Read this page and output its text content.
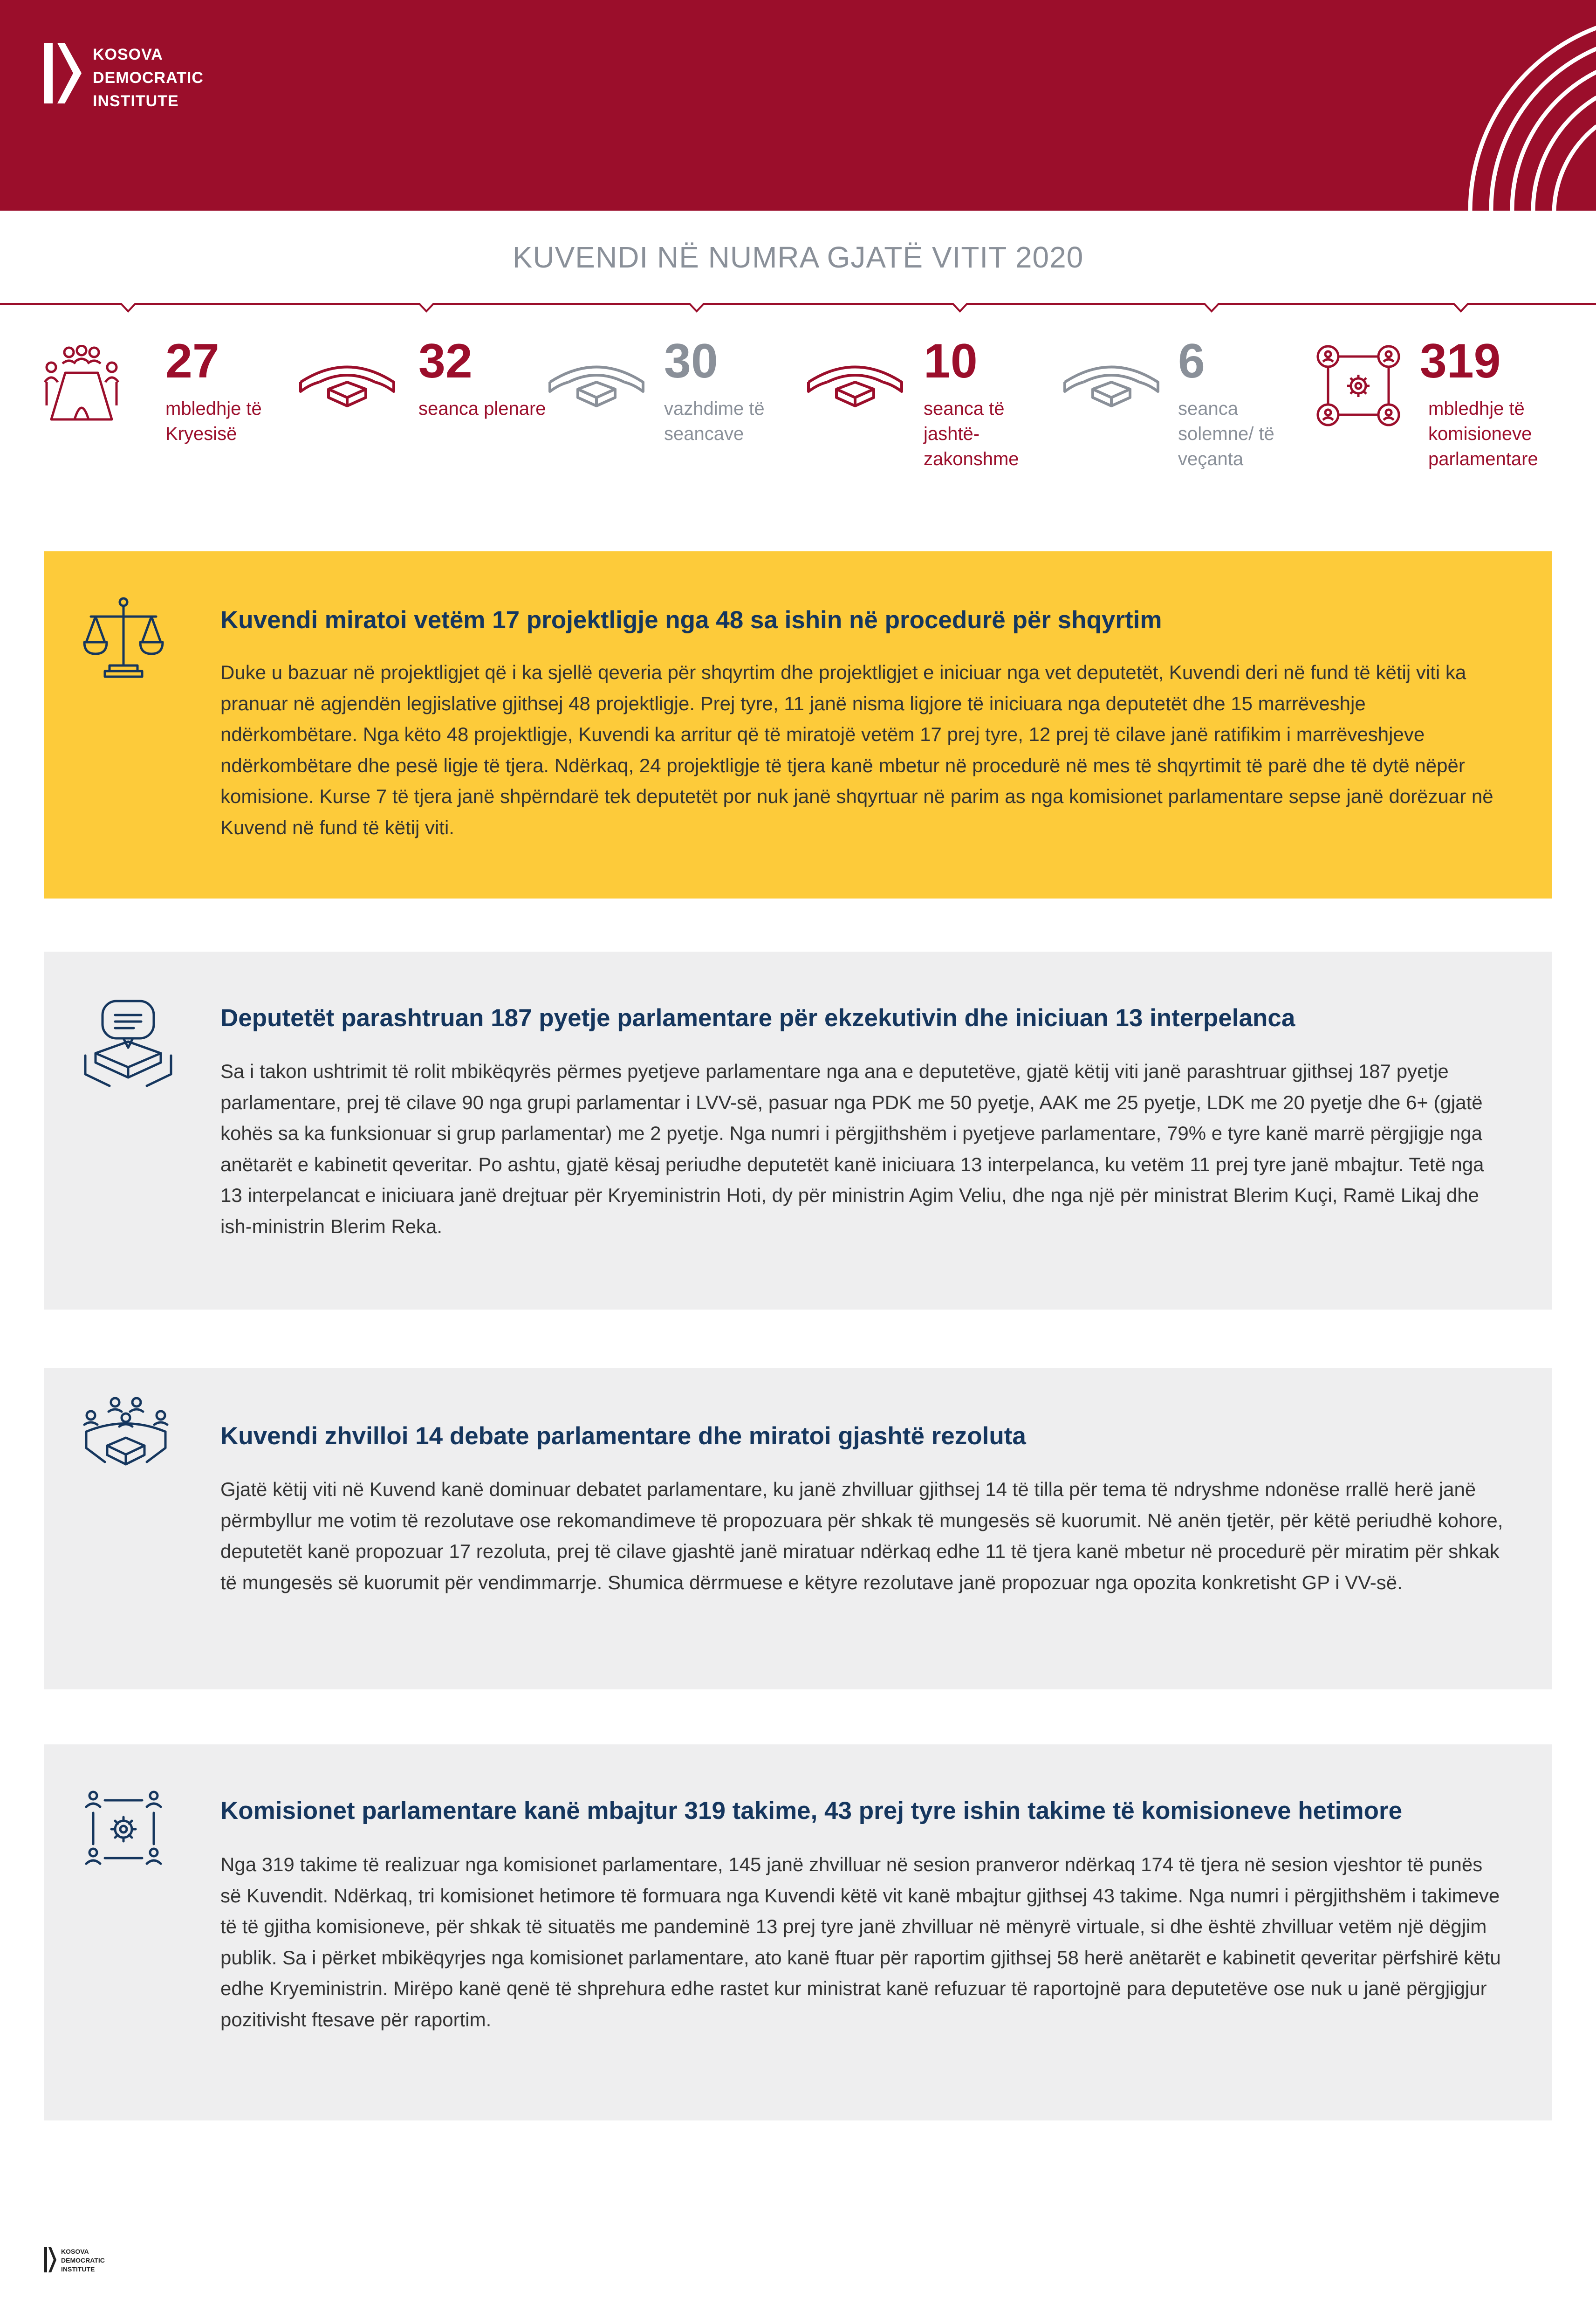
KOSOVA
DEMOCRATIC
INSTITUTE
KUVENDI NË NUMRA GJATË VITIT 2020
27
mbledhje të Kryesisë
32
seanca plenare
30
vazhdime të seancave
10
seanca të jashtë-zakonshme
6
seanca solemne/ të veçanta
319
mbledhje të komisioneve parlamentare
Kuvendi miratoi vetëm 17 projektligje nga 48 sa ishin në procedurë për shqyrtim

Duke u bazuar në projektligjet që i ka sjellë qeveria për shqyrtim dhe projektligjet e iniciuar nga vet deputetët, Kuvendi deri në fund të këtij viti ka pranuar në agjendën legjislative gjithsej 48 projektligje. Prej tyre, 11 janë nisma ligjore të iniciuara nga deputetët dhe 15 marrëveshje ndërkombëtare. Nga këto 48 projektligje, Kuvendi ka arritur që të miratojë vetëm 17 prej tyre, 12 prej të cilave janë ratifikim i marrëveshjeve ndërkombëtare dhe pesë ligje të tjera. Ndërkaq, 24 projektligje të tjera kanë mbetur në procedurë në mes të shqyrtimit të parë dhe të dytë nëpër komisione. Kurse 7 të tjera janë shpërndarë tek deputetët por nuk janë shqyrtuar në parim as nga komisionet parlamentare sepse janë dorëzuar në Kuvend në fund të këtij viti.

Deputetët parashtruan 187 pyetje parlamentare për ekzekutivin dhe iniciuan 13 interpelanca

Sa i takon ushtrimit të rolit mbikëqyrës përmes pyetjeve parlamentare nga ana e deputetëve, gjatë këtij viti janë parashtruar gjithsej 187 pyetje parlamentare, prej të cilave 90 nga grupi parlamentar i LVV-së, pasuar nga PDK me 50 pyetje, AAK me 25 pyetje, LDK me 20 pyetje dhe 6+ (gjatë kohës sa ka funksionuar si grup parlamentar) me 2 pyetje. Nga numri i përgjithshëm i pyetjeve parlamentare, 79% e tyre kanë marrë përgjigje nga anëtarët e kabinetit qeveritar. Po ashtu, gjatë kësaj periudhe deputetët kanë iniciuara 13 interpelanca, ku vetëm 11 prej tyre janë mbajtur. Tetë nga 13 interpelancat e iniciuara janë drejtuar për Kryeministrin Hoti, dy për ministrin Agim Veliu, dhe nga një për ministrat Blerim Kuçi, Ramë Likaj dhe ish-ministrin Blerim Reka.

Kuvendi zhvilloi 14 debate parlamentare dhe miratoi gjashtë rezoluta

Gjatë këtij viti në Kuvend kanë dominuar debatet parlamentare, ku janë zhvilluar gjithsej 14 të tilla për tema të ndryshme ndonëse rrallë herë janë përmbyllur me votim të rezolutave ose rekomandimeve të propozuara për shkak të mungesës së kuorumit. Në anën tjetër, për këtë periudhë kohore, deputetët kanë propozuar 17 rezoluta, prej të cilave gjashtë janë miratuar ndërkaq edhe 11 të tjera kanë mbetur në procedurë për miratim për shkak të mungesës së kuorumit për vendimmarrje. Shumica dërrmuese e këtyre rezolutave janë propozuar nga opozita konkretisht GP i VV-së.

Komisionet parlamentare kanë mbajtur 319 takime, 43 prej tyre ishin takime të komisioneve hetimore

Nga 319 takime të realizuar nga komisionet parlamentare, 145 janë zhvilluar në sesion pranveror ndërkaq 174 të tjera në sesion vjeshtor të punës së Kuvendit. Ndërkaq, tri komisionet hetimore të formuara nga Kuvendi këtë vit kanë mbajtur gjithsej 43 takime. Nga numri i përgjithshëm i takimeve të të gjitha komisioneve, për shkak të situatës me pandeminë 13 prej tyre janë zhvilluar në mënyrë virtuale, si dhe është zhvilluar vetëm një dëgjim publik. Sa i përket mbikëqyrjes nga komisionet parlamentare, ato kanë ftuar për raportim gjithsej 58 herë anëtarët e kabinetit qeveritar përfshirë këtu edhe Kryeministrin. Mirëpo kanë qenë të shprehura edhe rastet kur ministrat kanë refuzuar të raportojnë para deputetëve ose nuk u janë përgjigjur pozitivisht ftesave për raportim.

KOSOVA
DEMOCRATIC
INSTITUTE
